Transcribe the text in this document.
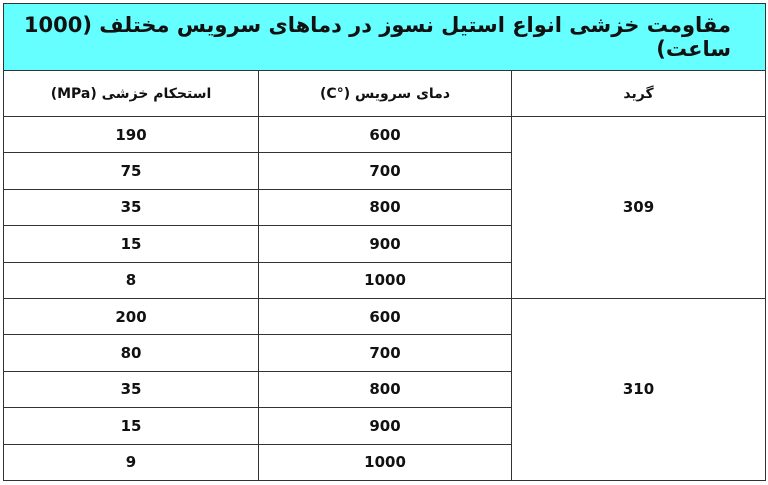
مقاومت خزشی انواع استیل نسوز در دماهای سرویس مختلف (1000 ساعت)		
گرید	دمای سرویس (°C)	استحکام خزشی (MPa)
309	600	190
	700	75
	800	35
	900	15
	1000	8
310	600	200
	700	80
	800	35
	900	15
	1000	9
